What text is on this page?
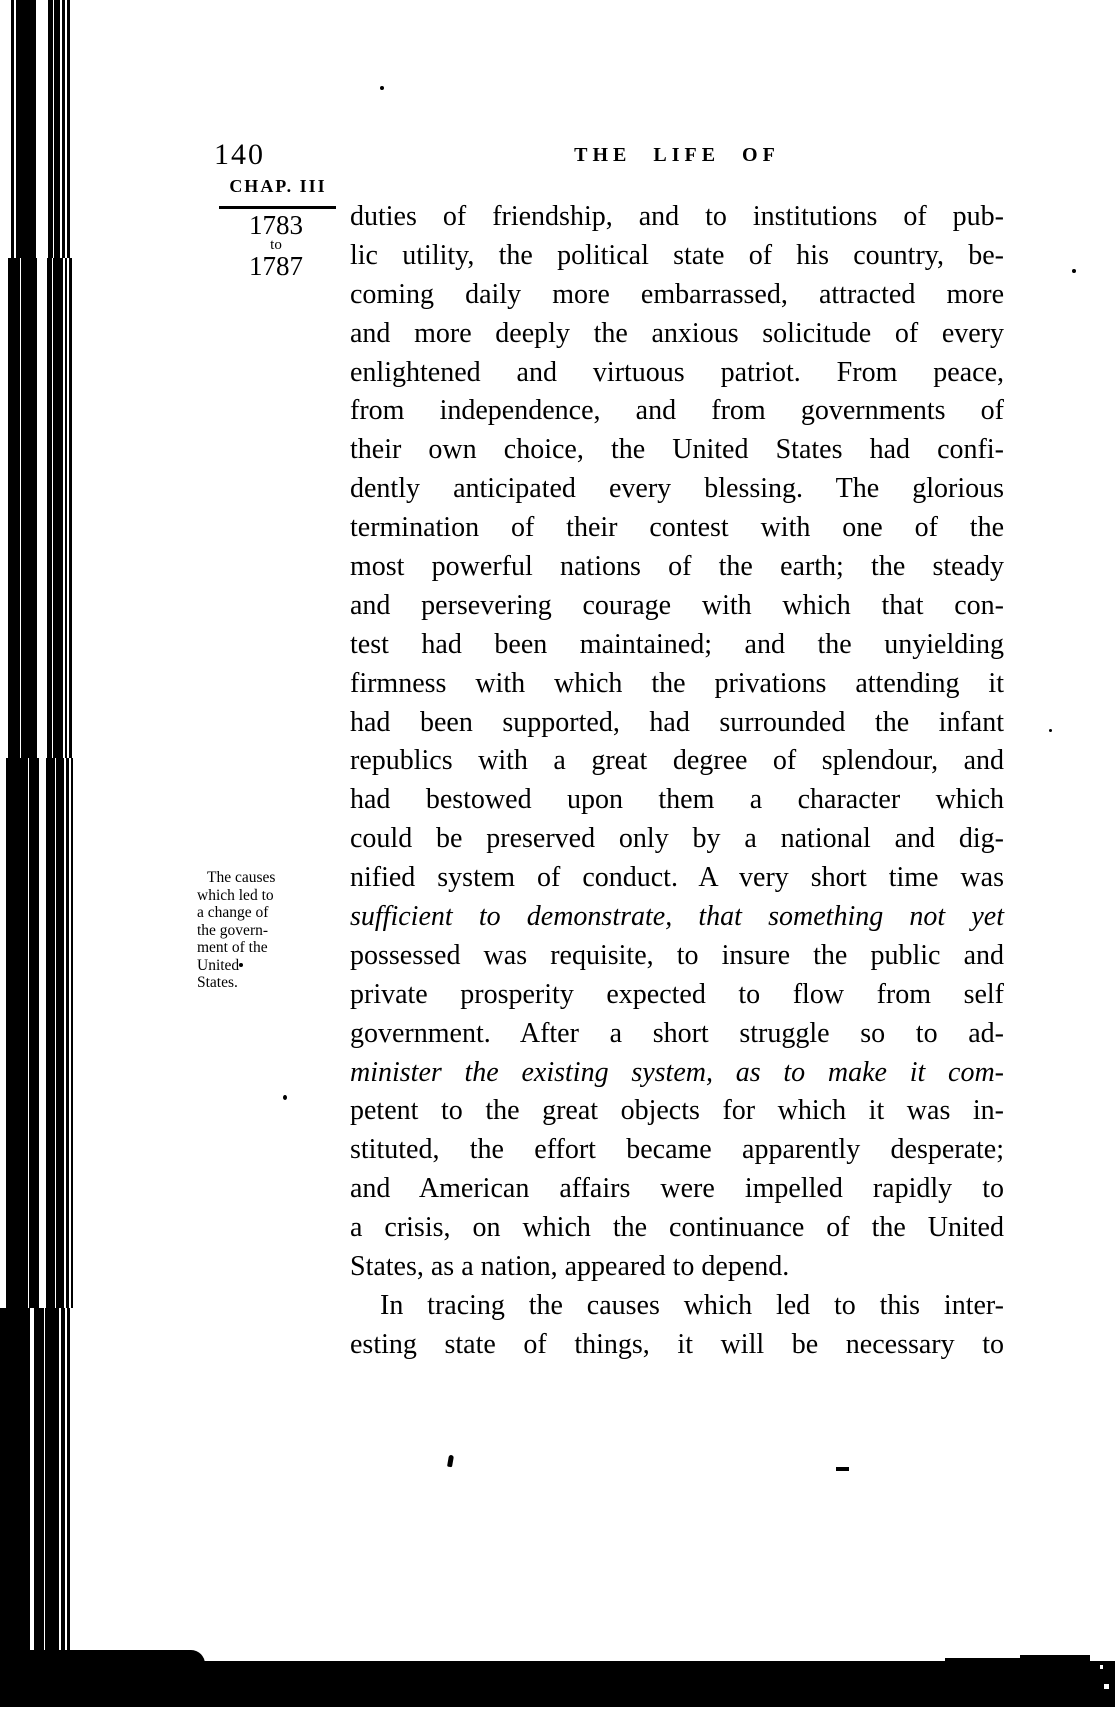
140	THE LIFE OF
CHAP. III
1783
to
1787
The causes
which led to
a change of
the govern-
ment of the
United
States.
duties of friendship, and to institutions of pub-
lic utility, the political state of his country, be-
coming daily more embarrassed, attracted more
and more deeply the anxious solicitude of every
enlightened and virtuous patriot. From peace,
from independence, and from governments of
their own choice, the United States had confi-
dently anticipated every blessing. The glorious
termination of their contest with one of the
most powerful nations of the earth; the steady
and persevering courage with which that con-
test had been maintained; and the unyielding
firmness with which the privations attending it
had been supported, had surrounded the infant
republics with a great degree of splendour, and
had bestowed upon them a character which
could be preserved only by a national and dig-
nified system of conduct. A very short time was
sufficient to demonstrate, that something not yet
possessed was requisite, to insure the public and
private prosperity expected to flow from self
government. After a short struggle so to ad-
minister the existing system, as to make it com-
petent to the great objects for which it was in-
stituted, the effort became apparently desperate;
and American affairs were impelled rapidly to
a crisis, on which the continuance of the United
States, as a nation, appeared to depend.
In tracing the causes which led to this inter-
esting state of things, it will be necessary to
